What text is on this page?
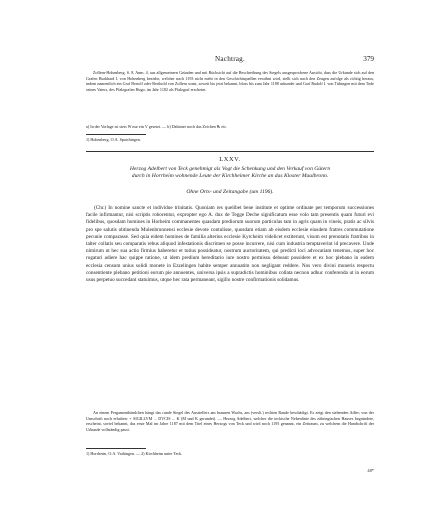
Nachtrag.	379

Zollern-Hohenberg, S. 8, Anm. 4, aus allgemeinern Gründen und mit Rücksicht auf die Beschreibung des Siegels ausgesprochene Ansicht, dass die Urkunde sich auf den Grafen Burkhard I. von Hohenberg beziehe, welcher nach 1193 nicht mehr in den Geschichtsquellen erwähnt wird, stellt sich nach den Zeugen zufolge als richtig heraus, indem namentlich ein Graf Bertolf oder Berthold von Zollern sonst, soweit bis jetzt bekannt, bloss bis zum Jahr 1188 urkundet und Graf Rudolf I. von Tübingen mit dem Tode seines Vaters, des Pfalzgrafen Hugo, im Jahr 1182 als Pfalzgraf erscheint.

a) In der Vorlage ist stets W nur ein V gesetzt. — b) Dahinter noch das Zeichen ℞ etc.

1) Hohenberg, O.A. Spaichingen.

LXXV.

Herzog Adelbert von Teck genehmigt als Vogt die Schenkung und den Verkauf von Gütern

durch in Horrheim wohnende Leute der Kirchheimer Kirche an das Kloster Maulbronn.

Ohne Orts- und Zeitangabe (um 1196).

(Chr.) In nomine sancte et individue trinitatis. Quoniam res quelibet bene institute et optime ordinate per temporum successiones facile infirmantur, nisi scriptis roborentur, expropter ego A. dux de Tegge Deche significatum esse volo tam presentis quam futuri evi fidelibus, quosdam homines in Horheim commanentes quasdam prediorum suorum particulas tam in agris quam in vineis, pratis ac silvis pro spe salutis obtinenda Mulenbrunnensi ecclesie devote contulisse, quosdam etiam ab eisdem ecclesie eiusdem fratres commutatione pecunie comparasse. Sed quia eidem homines de familia alterius ecclesie Kyrcheim videlicet extiterunt, visum est prenotatis fratribus in talter collatis seu comparatis rebus aliquod infestationis discrimen se posse incurrere, nisi cum industria temptaverint id precavere. Unde nimirum ut hec sua actio firmius haberetur et tutius possideatur, nostrum auctoritatem, qui predicti loci advocatiam tenemus, super hoc rogaturi adiere hac quippe ratione, ut idem predium hereditario iure nostro permissu debeant possidere et ex hoc plebano in eadem ecclesia censum unius solidi monete in Ezzelingen habite semper annuatim non negligant reddere. Nos vero divini muneris respectu consentiente plebano petitioni eorum pie annuentes, universa ipsis a supradictis hominibus collata necnon adhuc conferenda ut in eorum usus perpetuo succedant statuimus, utque hec rata permaneant, sigillo nostre confirmationis solidamus.

An einem Pergamentbändchen hängt das runde Siegel des Ausstellers am braunen Wachs, am (verslt.) rechten Rande beschädigt. Es zeigt den stehenden Adler; von der Umschrift noch erhalten: + SIGILLVM ... DVCIS ... K (M und K gerundet). — Herzog Adelbert, welcher die teckische Nebenlinie des zähringischen Hauses begründete, erscheint, soviel bekannt, das erste Mal im Jahre 1187 mit dem Titel eines Herzogs von Teck und wird noch 1195 genannt, ein Zeitraum, zu welchem die Handschrift der Urkunde vollständig passt.

1) Horrheim, O.A. Vaihingen. — 2) Kirchheim unter Teck.

48*
